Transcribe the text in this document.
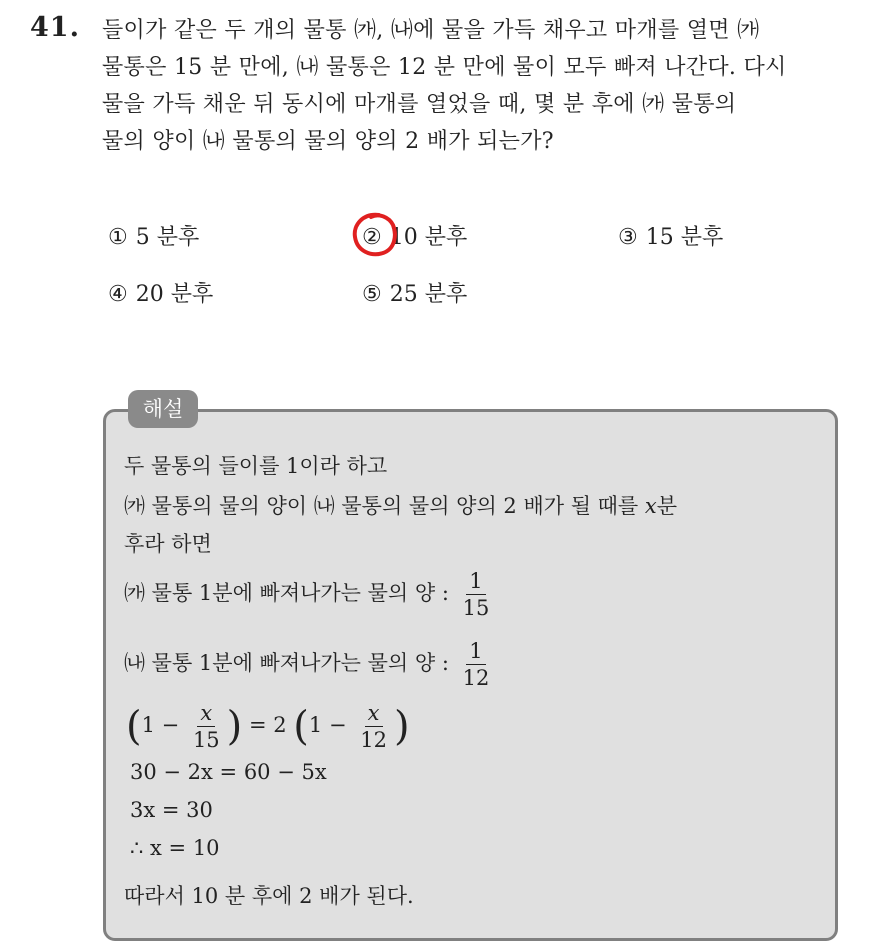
41. 들이가 같은 두 개의 물통 ㈎, ㈏에 물을 가득 채우고 마개를 열면 ㈎
물통은 15 분 만에, ㈏ 물통은 12 분 만에 물이 모두 빠져 나간다. 다시
물을 가득 채운 뒤 동시에 마개를 열었을 때, 몇 분 후에 ㈎ 물통의
물의 양이 ㈏ 물통의 물의 양의 2 배가 되는가?
① 5 분후	② 10 분후	③ 15 분후
④ 20 분후	⑤ 25 분후
해설
두 물통의 들이를 1이라 하고
㈎ 물통의 물의 양이 ㈏ 물통의 물의 양의 2 배가 될 때를 x분
후라 하면
㈎ 물통 1분에 빠져나가는 물의 양 : $\frac{1}{15}$
㈏ 물통 1분에 빠져나가는 물의 양 : $\frac{1}{12}$
($1 - \frac{x}{15}$ ) = 2 ($1 - \frac{x}{12}$ )
30 − 2x = 60 − 5x
3x = 30
∴ x = 10
따라서 10 분 후에 2 배가 된다.
